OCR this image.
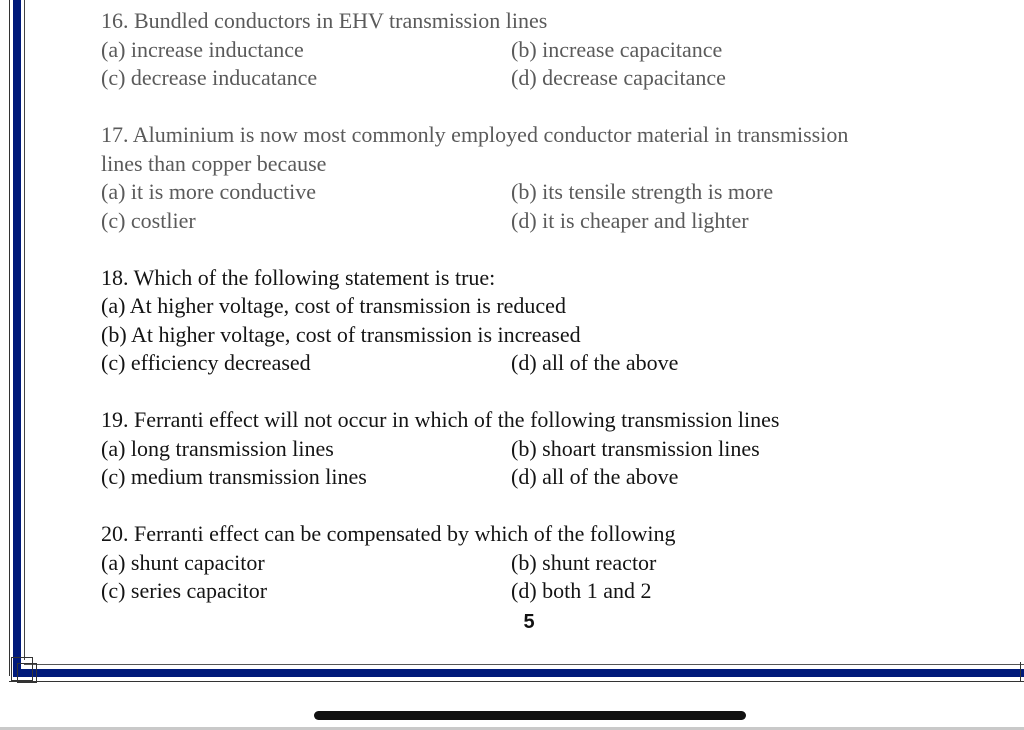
16. Bundled conductors in EHV transmission lines
(a) increase inductance	(b) increase capacitance
(c) decrease inducatance	(d) decrease capacitance
17. Aluminium is now most commonly employed conductor material in transmission
lines than copper because
(a) it is more conductive	(b) its tensile strength is more
(c) costlier	(d) it is cheaper and lighter
18. Which of the following statement is true:
(a) At higher voltage, cost of transmission is reduced
(b) At higher voltage, cost of transmission is increased
(c) efficiency decreased	(d) all of the above
19. Ferranti effect will not occur in which of the following transmission lines
(a) long transmission lines	(b) shoart transmission lines
(c) medium transmission lines	(d) all of the above
20. Ferranti effect can be compensated by which of the following
(a) shunt capacitor	(b) shunt reactor
(c) series capacitor	(d) both 1 and 2
5
